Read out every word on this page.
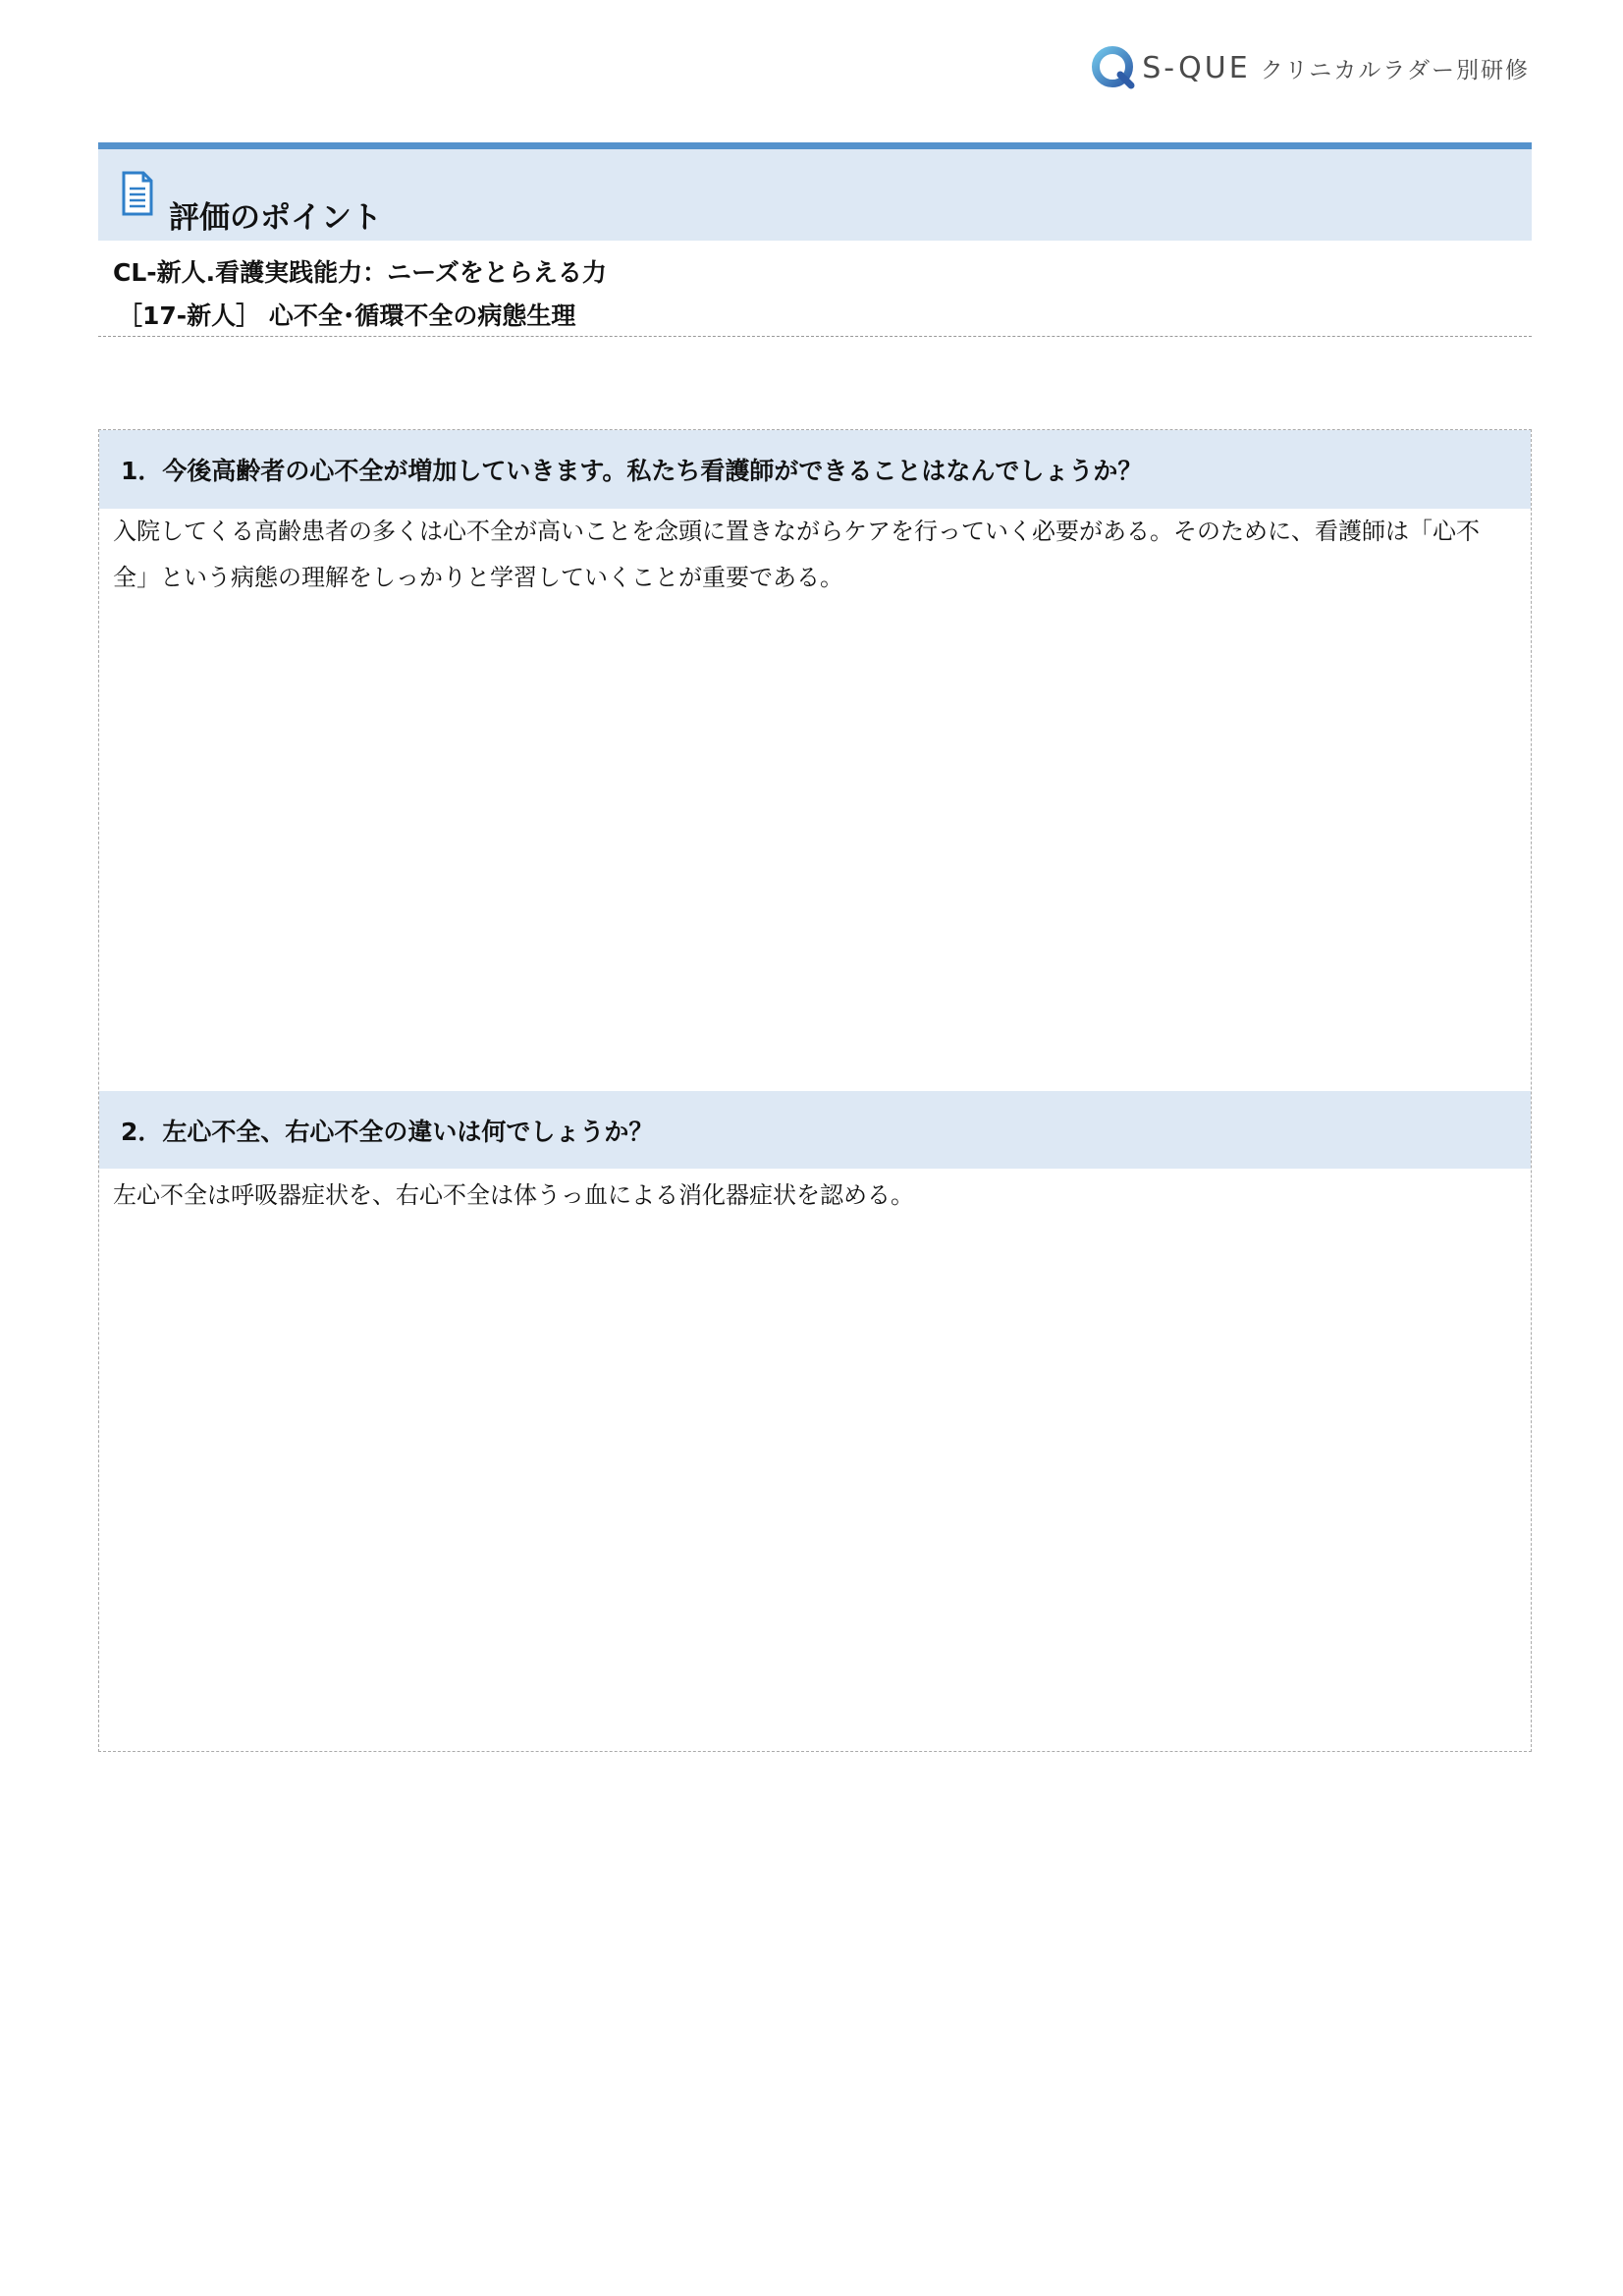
S-QUE クリニカルラダー別研修
評価のポイント
CL-新人.看護実践能力：ニーズをとらえる力
［17-新人］ 心不全･循環不全の病態生理
1．今後高齢者の心不全が増加していきます。私たち看護師ができることはなんでしょうか？
入院してくる高齢患者の多くは心不全が高いことを念頭に置きながらケアを行っていく必要がある。そのために、看護師は「心不全」という病態の理解をしっかりと学習していくことが重要である。
2．左心不全、右心不全の違いは何でしょうか？
左心不全は呼吸器症状を、右心不全は体うっ血による消化器症状を認める。
